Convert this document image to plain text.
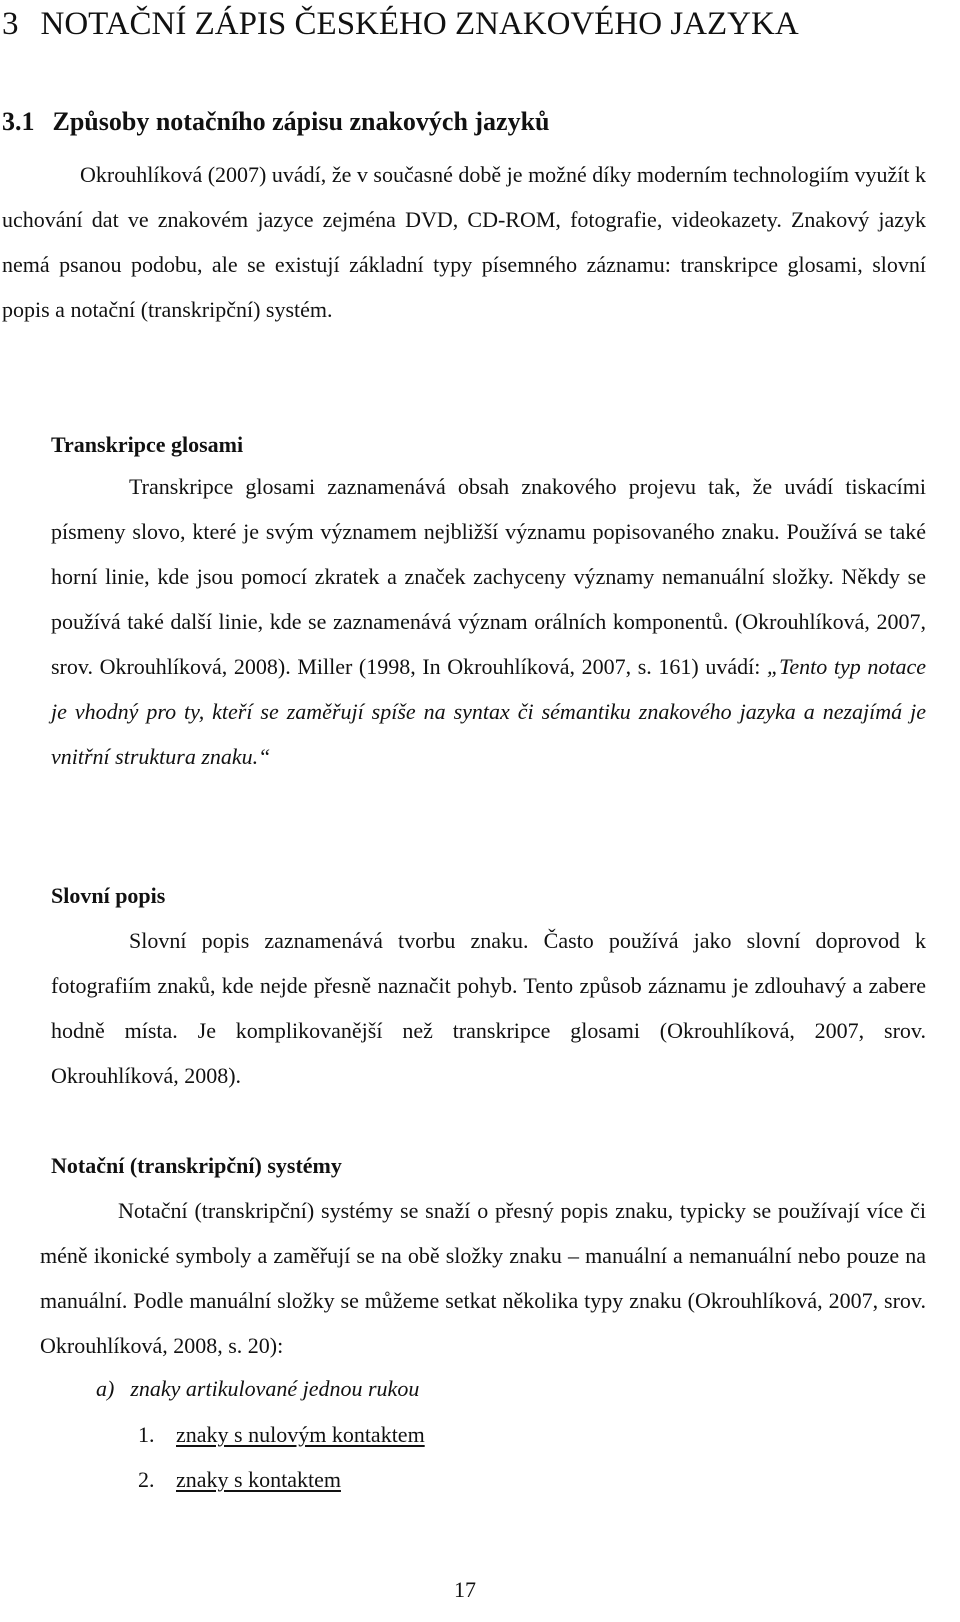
3 NOTAČNÍ ZÁPIS ČESKÉHO ZNAKOVÉHO JAZYKA
3.1 Způsoby notačního zápisu znakových jazyků

Okrouhlíková (2007) uvádí, že v současné době je možné díky moderním technologiím využít k uchování dat ve znakovém jazyce zejména DVD, CD-ROM, fotografie, videokazety. Znakový jazyk nemá psanou podobu, ale se existují základní typy písemného záznamu: transkripce glosami, slovní popis a notační (transkripční) systém.

Transkripce glosami

Transkripce glosami zaznamenává obsah znakového projevu tak, že uvádí tiskacími písmeny slovo, které je svým významem nejbližší významu popisovaného znaku. Používá se také horní linie, kde jsou pomocí zkratek a značek zachyceny významy nemanuální složky. Někdy se používá také další linie, kde se zaznamenává význam orálních komponentů. (Okrouhlíková, 2007, srov. Okrouhlíková, 2008). Miller (1998, In Okrouhlíková, 2007, s. 161) uvádí: „Tento typ notace je vhodný pro ty, kteří se zaměřují spíše na syntax či sémantiku znakového jazyka a nezajímá je vnitřní struktura znaku.“

Slovní popis

Slovní popis zaznamenává tvorbu znaku. Často používá jako slovní doprovod k fotografiím znaků, kde nejde přesně naznačit pohyb. Tento způsob záznamu je zdlouhavý a zabere hodně místa. Je komplikovanější než transkripce glosami (Okrouhlíková, 2007, srov. Okrouhlíková, 2008).

Notační (transkripční) systémy

Notační (transkripční) systémy se snaží o přesný popis znaku, typicky se používají více či méně ikonické symboly a zaměřují se na obě složky znaku – manuální a nemanuální nebo pouze na manuální. Podle manuální složky se můžeme setkat několika typy znaku (Okrouhlíková, 2007, srov. Okrouhlíková, 2008, s. 20):

a) znaky artikulované jednou rukou
1. znaky s nulovým kontaktem
2. znaky s kontaktem
17
